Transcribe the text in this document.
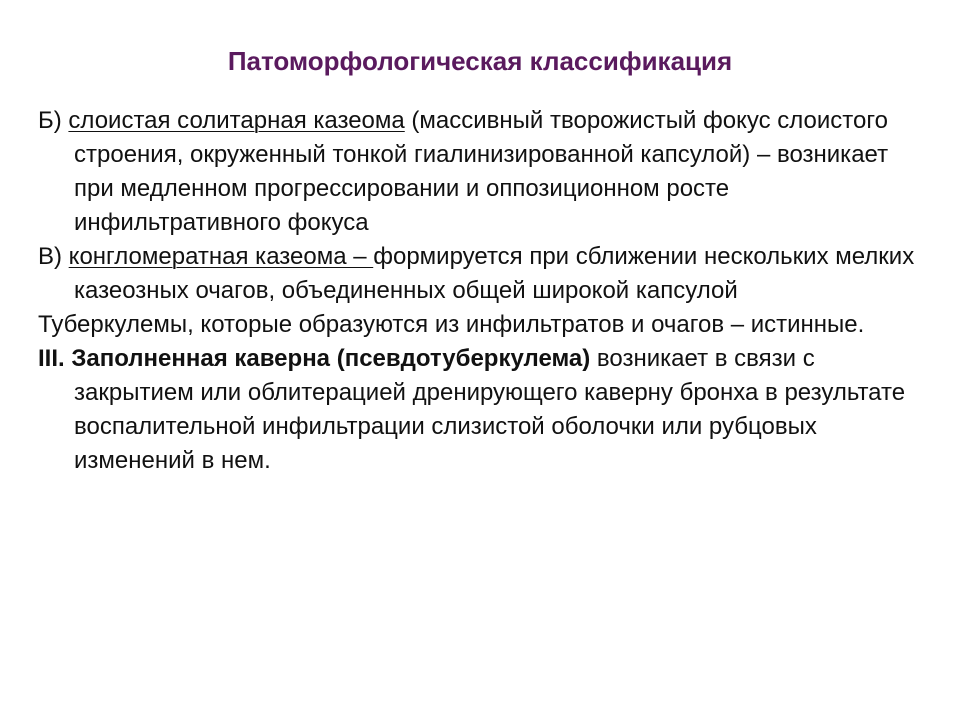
Патоморфологическая классификация

Б) слоистая солитарная казеома (массивный творожистый фокус слоистого строения, окруженный тонкой гиалинизированной капсулой) – возникает при медленном прогрессировании и оппозиционном росте инфильтративного фокуса

В) конгломератная казеома – формируется при сближении нескольких мелких казеозных очагов, объединенных общей широкой капсулой

Туберкулемы, которые образуются из инфильтратов и очагов – истинные.

III. Заполненная каверна (псевдотуберкулема) возникает в связи с закрытием или облитерацией дренирующего каверну бронха в результате воспалительной инфильтрации слизистой оболочки или рубцовых изменений в нем.
